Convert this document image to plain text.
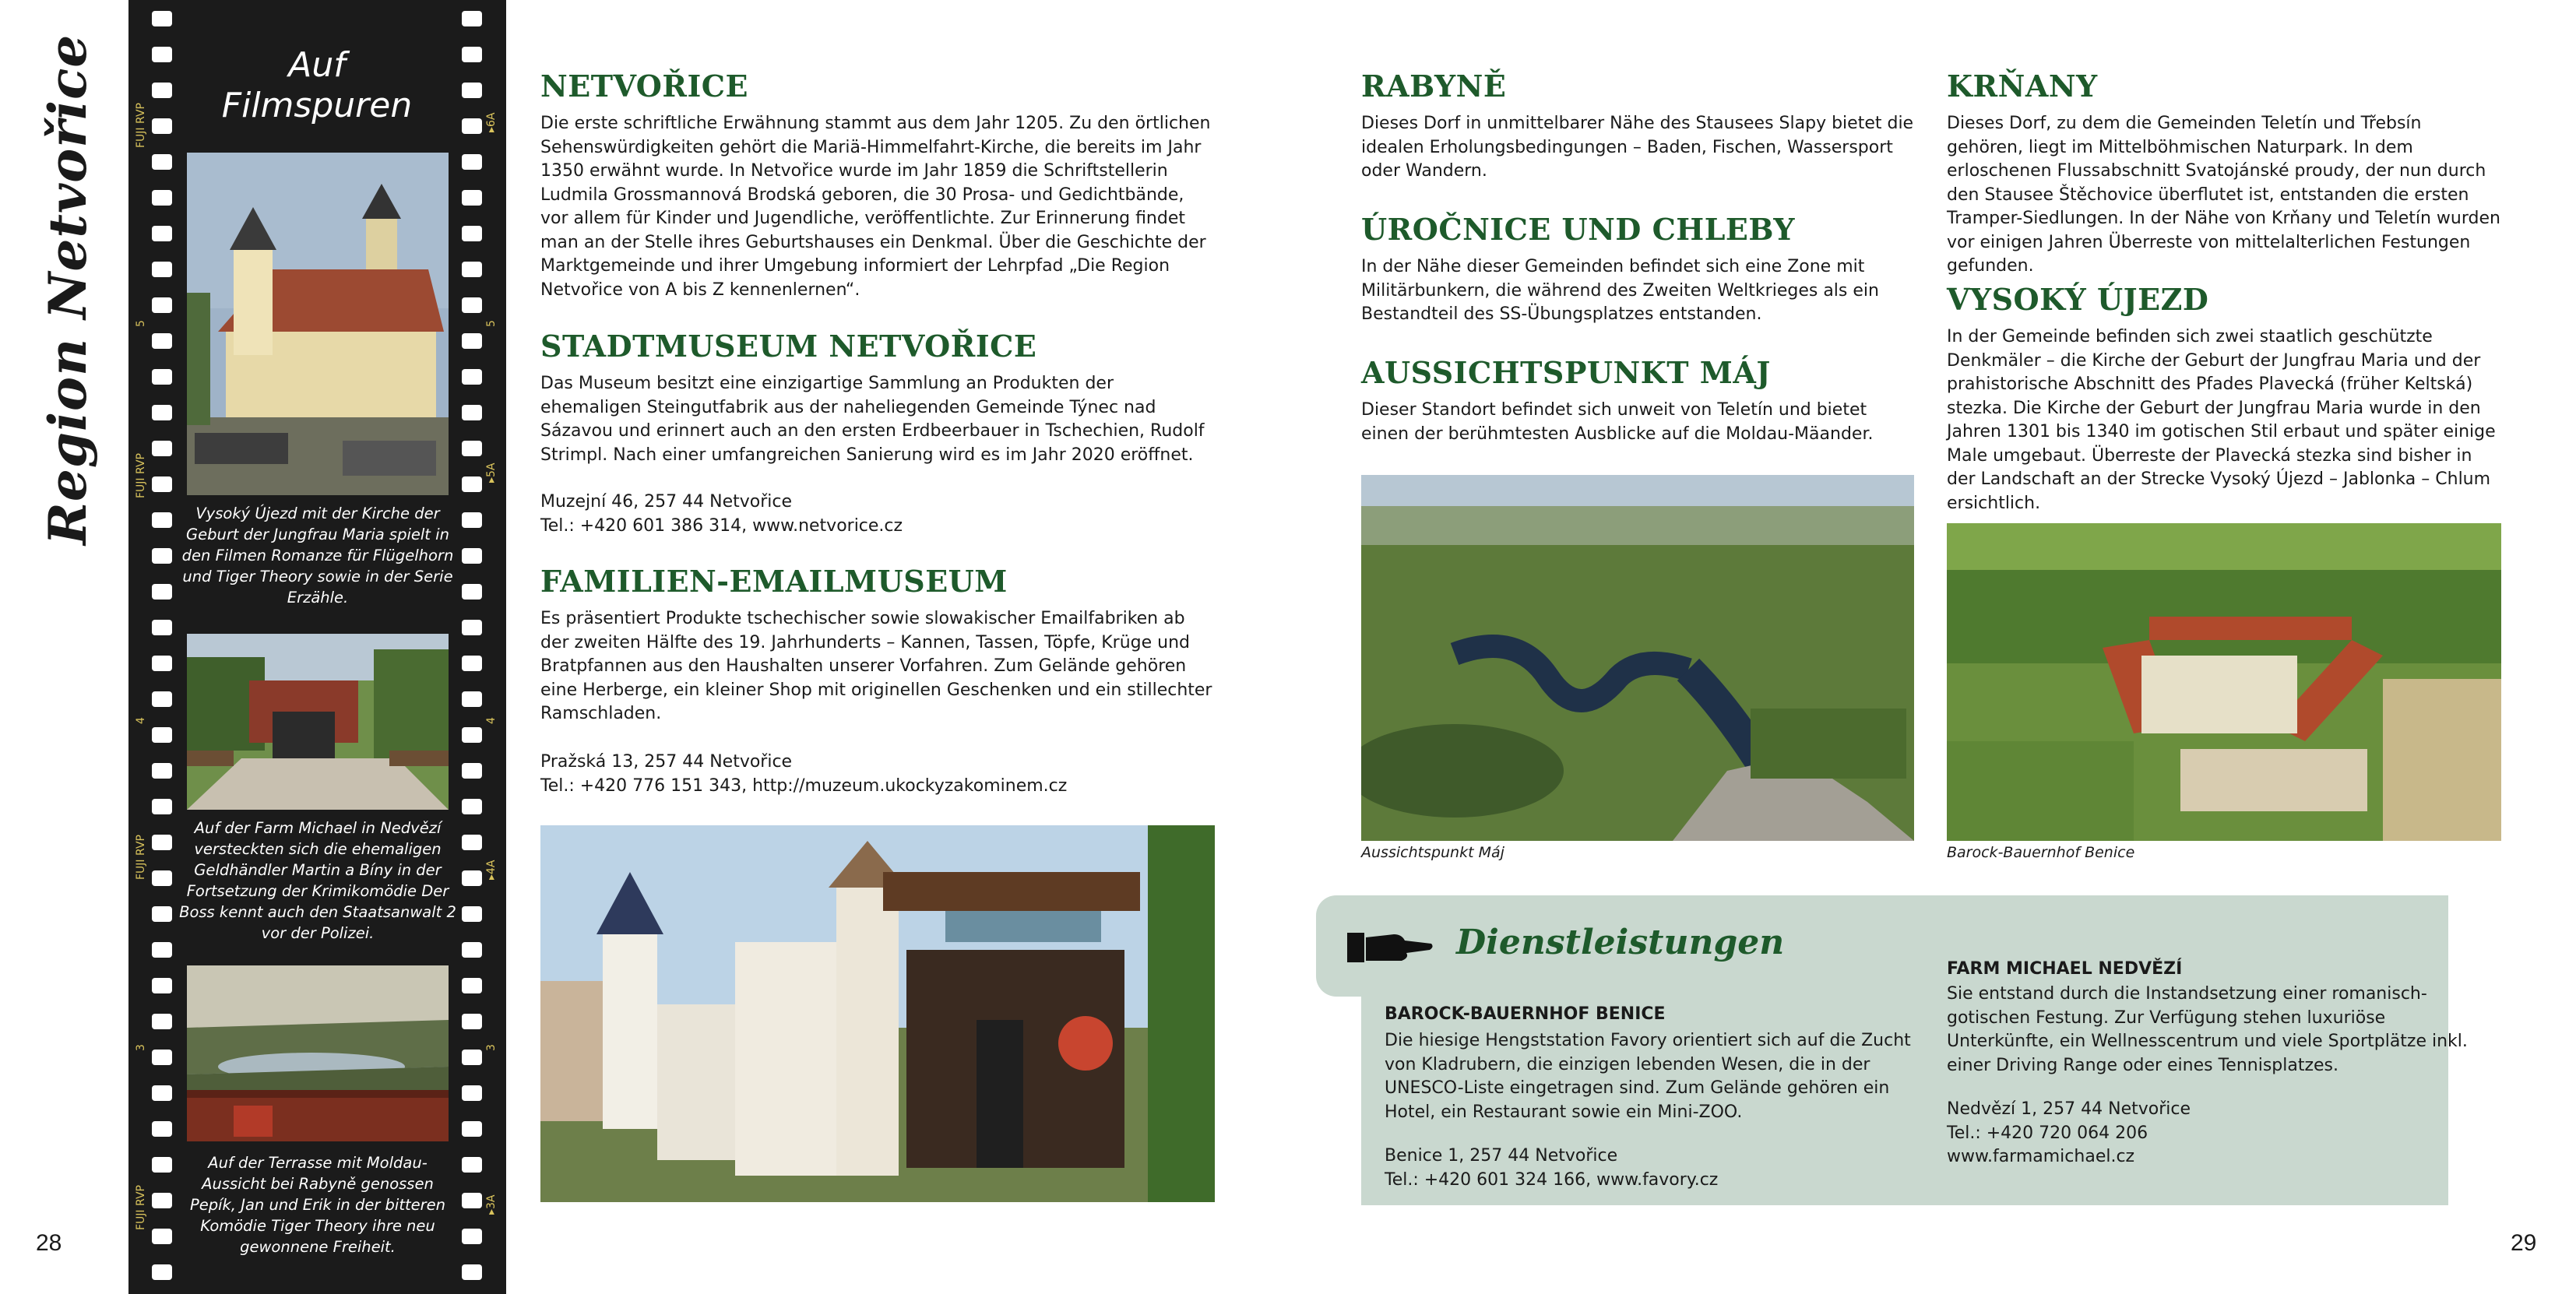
Region Netvořice
28	29
FUJI RVP
FUJI RVP
FUJI RVP
FUJI RVP
▸6A
5
▸5A
4
▸4A
3
▸3A
5
4
3
Auf
Filmspuren
Vysoký Újezd mit der Kirche der Geburt der Jungfrau Maria spielt in den Filmen Romanze für Flügelhorn und Tiger Theory sowie in der Serie Erzähle.
Auf der Farm Michael in Nedvězí versteckten sich die ehemaligen Geldhändler Martin a Bíny in der Fortsetzung der Krimikomödie Der Boss kennt auch den Staatsanwalt 2 vor der Polizei.
Auf der Terrasse mit Moldau-Aussicht bei Rabyně genossen Pepík, Jan und Erik in der bitteren Komödie Tiger Theory ihre neu gewonnene Freiheit.
NETVOŘICE
Die erste schriftliche Erwähnung stammt aus dem Jahr 1205. Zu den örtlichen Sehenswürdigkeiten gehört die Mariä-Himmelfahrt-Kirche, die bereits im Jahr 1350 erwähnt wurde. In Netvořice wurde im Jahr 1859 die Schriftstellerin Ludmila Grossmannová Brodská geboren, die 30 Prosa- und Gedichtbände, vor allem für Kinder und Jugendliche, veröffentlichte. Zur Erinnerung findet man an der Stelle ihres Geburtshauses ein Denkmal. Über die Geschichte der Marktgemeinde und ihrer Umgebung informiert der Lehrpfad „Die Region Netvořice von A bis Z kennenlernen“.
STADTMUSEUM NETVOŘICE
Das Museum besitzt eine einzigartige Sammlung an Produkten der ehemaligen Steingutfabrik aus der naheliegenden Gemeinde Týnec nad Sázavou und erinnert auch an den ersten Erdbeerbauer in Tschechien, Rudolf Strimpl. Nach einer umfangreichen Sanierung wird es im Jahr 2020 eröffnet.

Muzejní 46, 257 44 Netvořice

Tel.: +420 601 386 314, www.netvorice.cz

FAMILIEN-EMAILMUSEUM
Es präsentiert Produkte tschechischer sowie slowakischer Emailfabriken ab der zweiten Hälfte des 19. Jahrhunderts – Kannen, Tassen, Töpfe, Krüge und Bratpfannen aus den Haushalten unserer Vorfahren. Zum Gelände gehören eine Herberge, ein kleiner Shop mit originellen Geschenken und ein stillechter Ramschladen.

Pražská 13, 257 44 Netvořice

Tel.: +420 776 151 343, http://muzeum.ukockyzakominem.cz

RABYNĚ
Dieses Dorf in unmittelbarer Nähe des Stausees Slapy bietet die idealen Erholungsbedingungen – Baden, Fischen, Wassersport oder Wandern.
ÚROČNICE UND CHLEBY
In der Nähe dieser Gemeinden befindet sich eine Zone mit Militärbunkern, die während des Zweiten Weltkrieges als ein Bestandteil des SS-Übungsplatzes entstanden.
AUSSICHTSPUNKT MÁJ
Dieser Standort befindet sich unweit von Teletín und bietet einen der berühmtesten Ausblicke auf die Moldau-Mäander.
Aussichtspunkt Máj
KRŇANY
Dieses Dorf, zu dem die Gemeinden Teletín und Třebsín gehören, liegt im Mittelböhmischen Naturpark. In dem erloschenen Flussabschnitt Svatojánské proudy, der nun durch den Stausee Štěchovice überflutet ist, entstanden die ersten Tramper-Siedlungen. In der Nähe von Krňany und Teletín wurden vor einigen Jahren Überreste von mittelalterlichen Festungen gefunden.
VYSOKÝ ÚJEZD
In der Gemeinde befinden sich zwei staatlich geschützte Denkmäler – die Kirche der Geburt der Jungfrau Maria und der prahistorische Abschnitt des Pfades Plavecká (früher Keltská) stezka. Die Kirche der Geburt der Jungfrau Maria wurde in den Jahren 1301 bis 1340 im gotischen Stil erbaut und später einige Male umgebaut. Überreste der Plavecká stezka sind bisher in der Landschaft an der Strecke Vysoký Újezd – Jablonka – Chlum ersichtlich.
Barock-Bauernhof Benice
Dienstleistungen
BAROCK-BAUERNHOF BENICE
Die hiesige Hengststation Favory orientiert sich auf die Zucht von Kladrubern, die einzigen lebenden Wesen, die in der UNESCO-Liste eingetragen sind. Zum Gelände gehören ein Hotel, ein Restaurant sowie ein Mini-ZOO.

Benice 1, 257 44 Netvořice

Tel.: +420 601 324 166, www.favory.cz

FARM MICHAEL NEDVĚZÍ
Sie entstand durch die Instandsetzung einer romanisch-gotischen Festung. Zur Verfügung stehen luxuriöse Unterkünfte, ein Wellnesscentrum und viele Sportplätze inkl. einer Driving Range oder eines Tennisplatzes.

Nedvězí 1, 257 44 Netvořice

Tel.: +420 720 064 206

www.farmamichael.cz
